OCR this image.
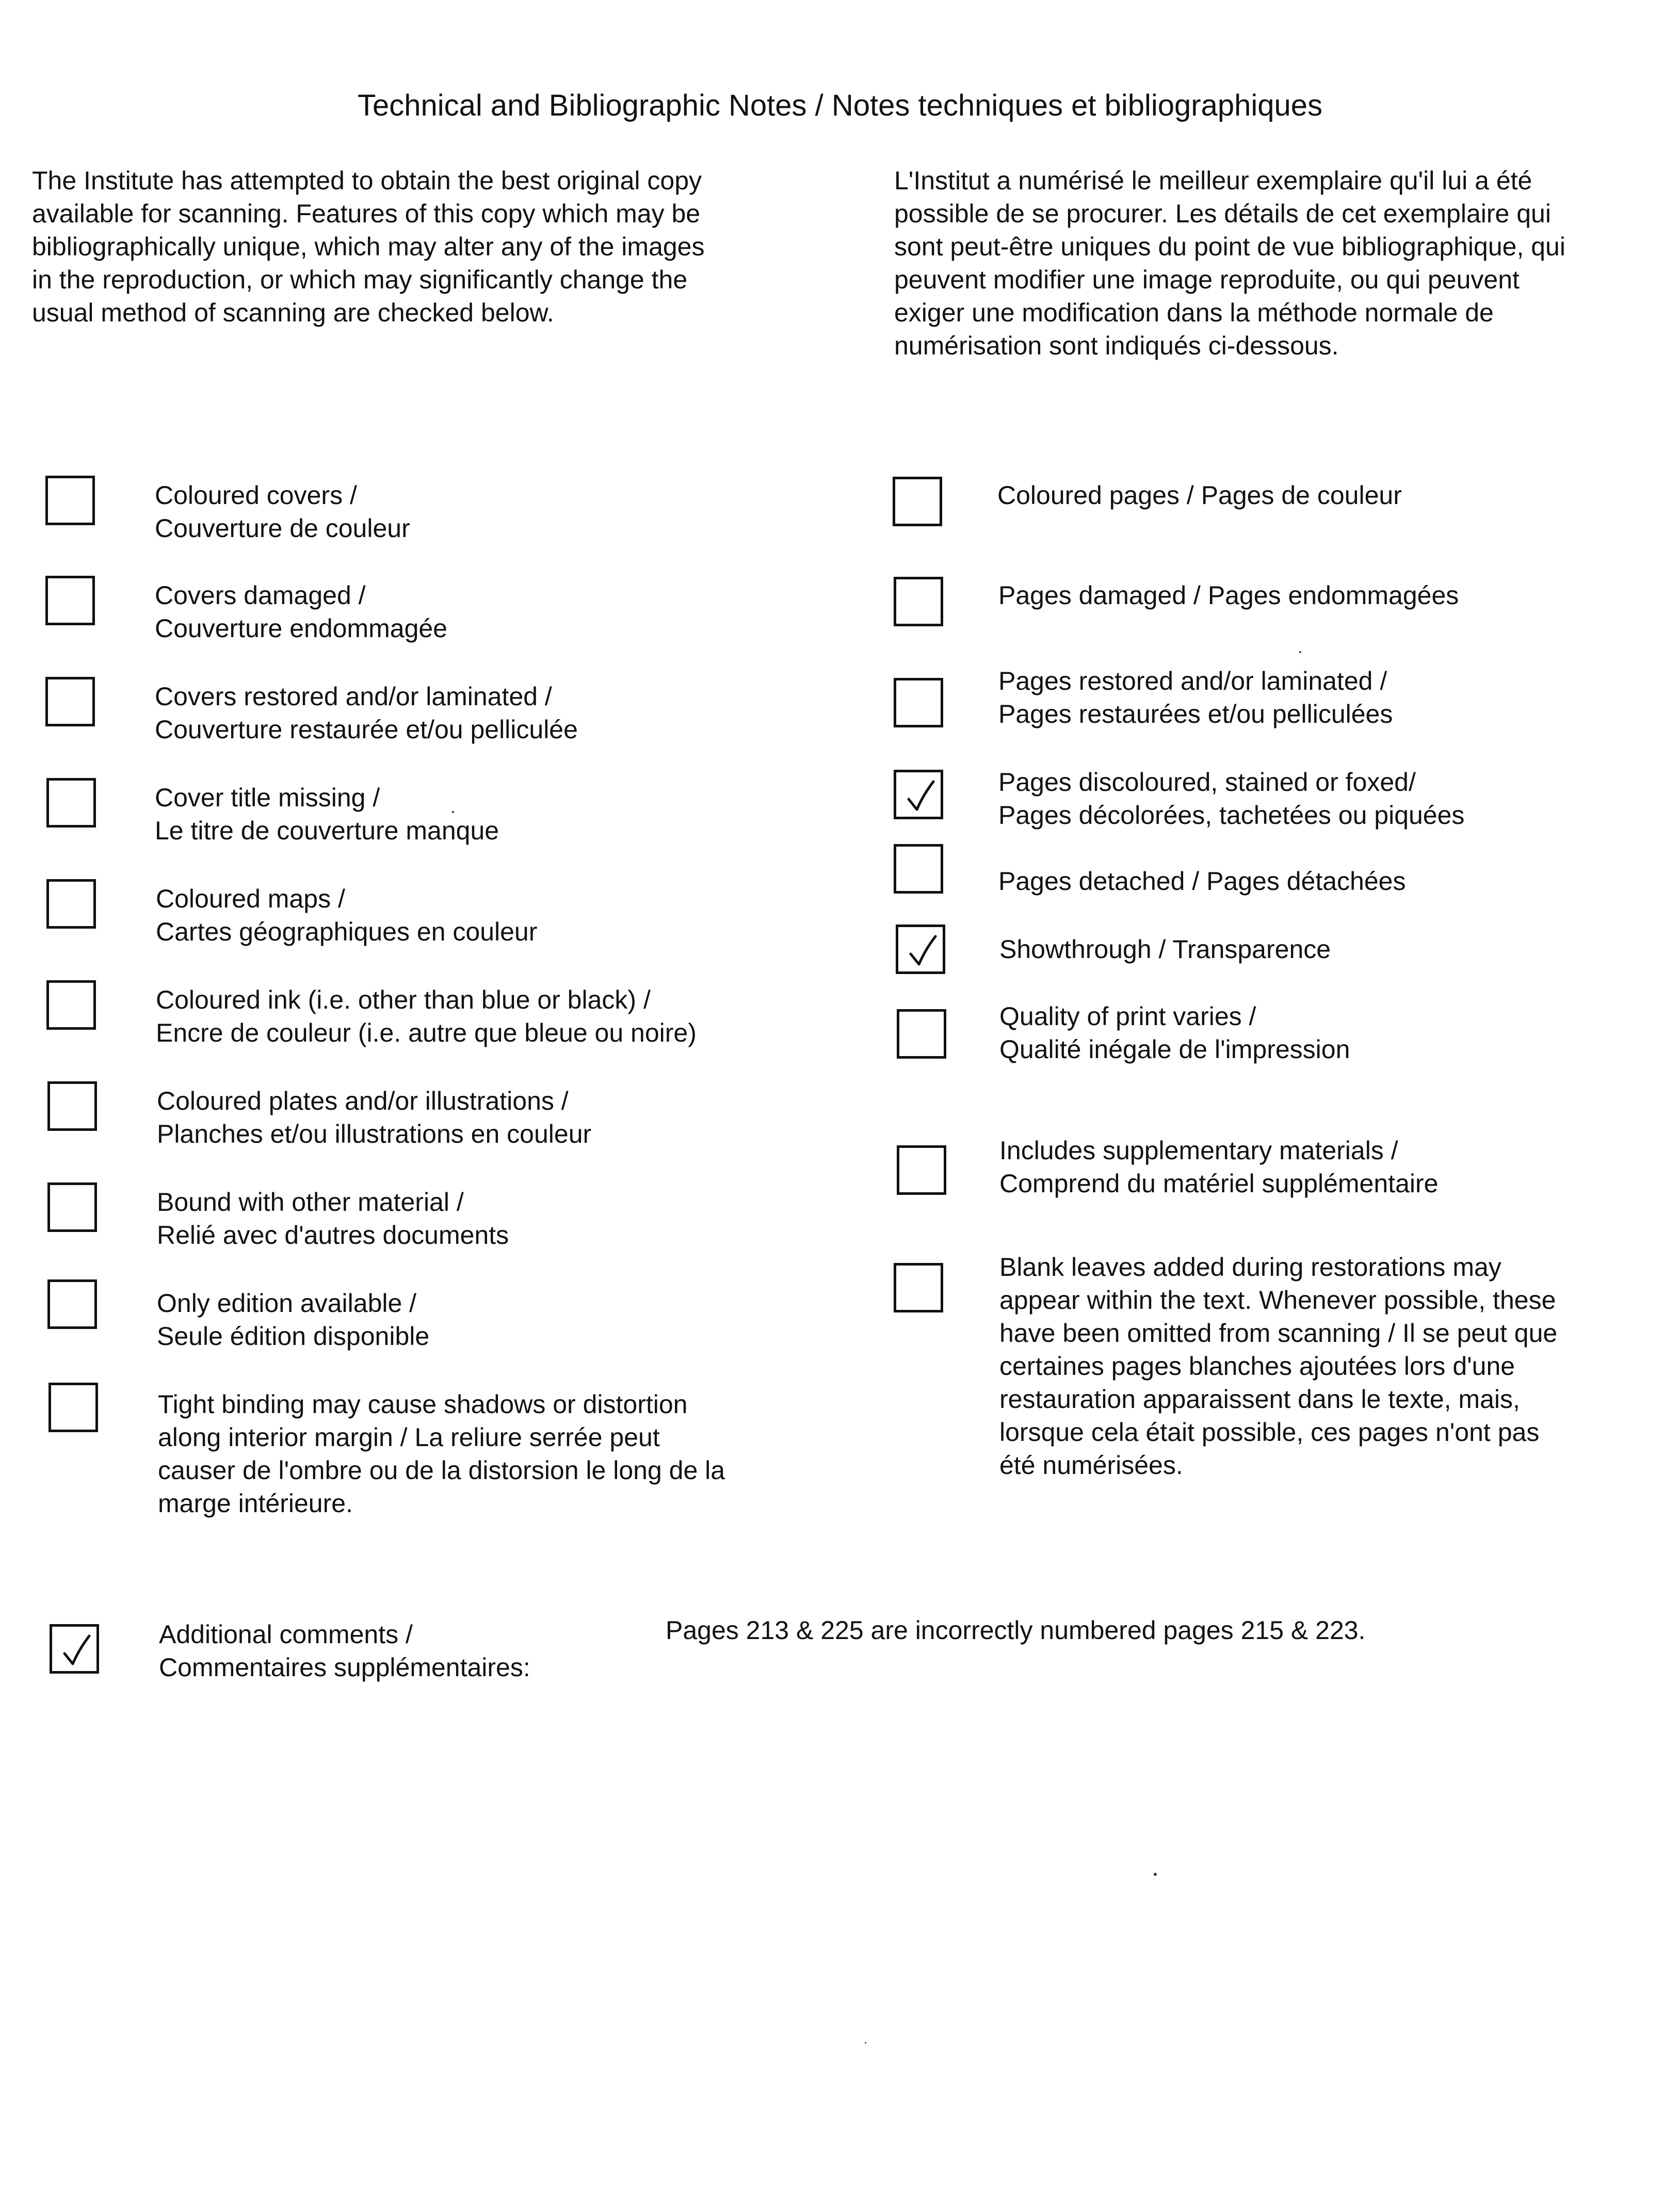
Technical and Bibliographic Notes / Notes techniques et bibliographiques
The Institute has attempted to obtain the best original copy
available for scanning. Features of this copy which may be
bibliographically unique, which may alter any of the images
in the reproduction, or which may significantly change the
usual method of scanning are checked below.
L'Institut a numérisé le meilleur exemplaire qu'il lui a été
possible de se procurer. Les détails de cet exemplaire qui
sont peut-être uniques du point de vue bibliographique, qui
peuvent modifier une image reproduite, ou qui peuvent
exiger une modification dans la méthode normale de
numérisation sont indiqués ci-dessous.
Coloured covers /
Couverture de couleur
Covers damaged /
Couverture endommagée
Covers restored and/or laminated /
Couverture restaurée et/ou pelliculée
Cover title missing /
Le titre de couverture manque
Coloured maps /
Cartes géographiques en couleur
Coloured ink (i.e. other than blue or black) /
Encre de couleur (i.e. autre que bleue ou noire)
Coloured plates and/or illustrations /
Planches et/ou illustrations en couleur
Bound with other material /
Relié avec d'autres documents
Only edition available /
Seule édition disponible
Tight binding may cause shadows or distortion
along interior margin / La reliure serrée peut
causer de l'ombre ou de la distorsion le long de la
marge intérieure.
Coloured pages / Pages de couleur
Pages damaged / Pages endommagées
Pages restored and/or laminated /
Pages restaurées et/ou pelliculées
Pages discoloured, stained or foxed/
Pages décolorées, tachetées ou piquées
Pages detached / Pages détachées
Showthrough / Transparence
Quality of print varies /
Qualité inégale de l'impression
Includes supplementary materials /
Comprend du matériel supplémentaire
Blank leaves added during restorations may
appear within the text. Whenever possible, these
have been omitted from scanning / Il se peut que
certaines pages blanches ajoutées lors d'une
restauration apparaissent dans le texte, mais,
lorsque cela était possible, ces pages n'ont pas
été numérisées.
Additional comments /
Commentaires supplémentaires:
Pages 213 & 225 are incorrectly numbered pages 215 & 223.
